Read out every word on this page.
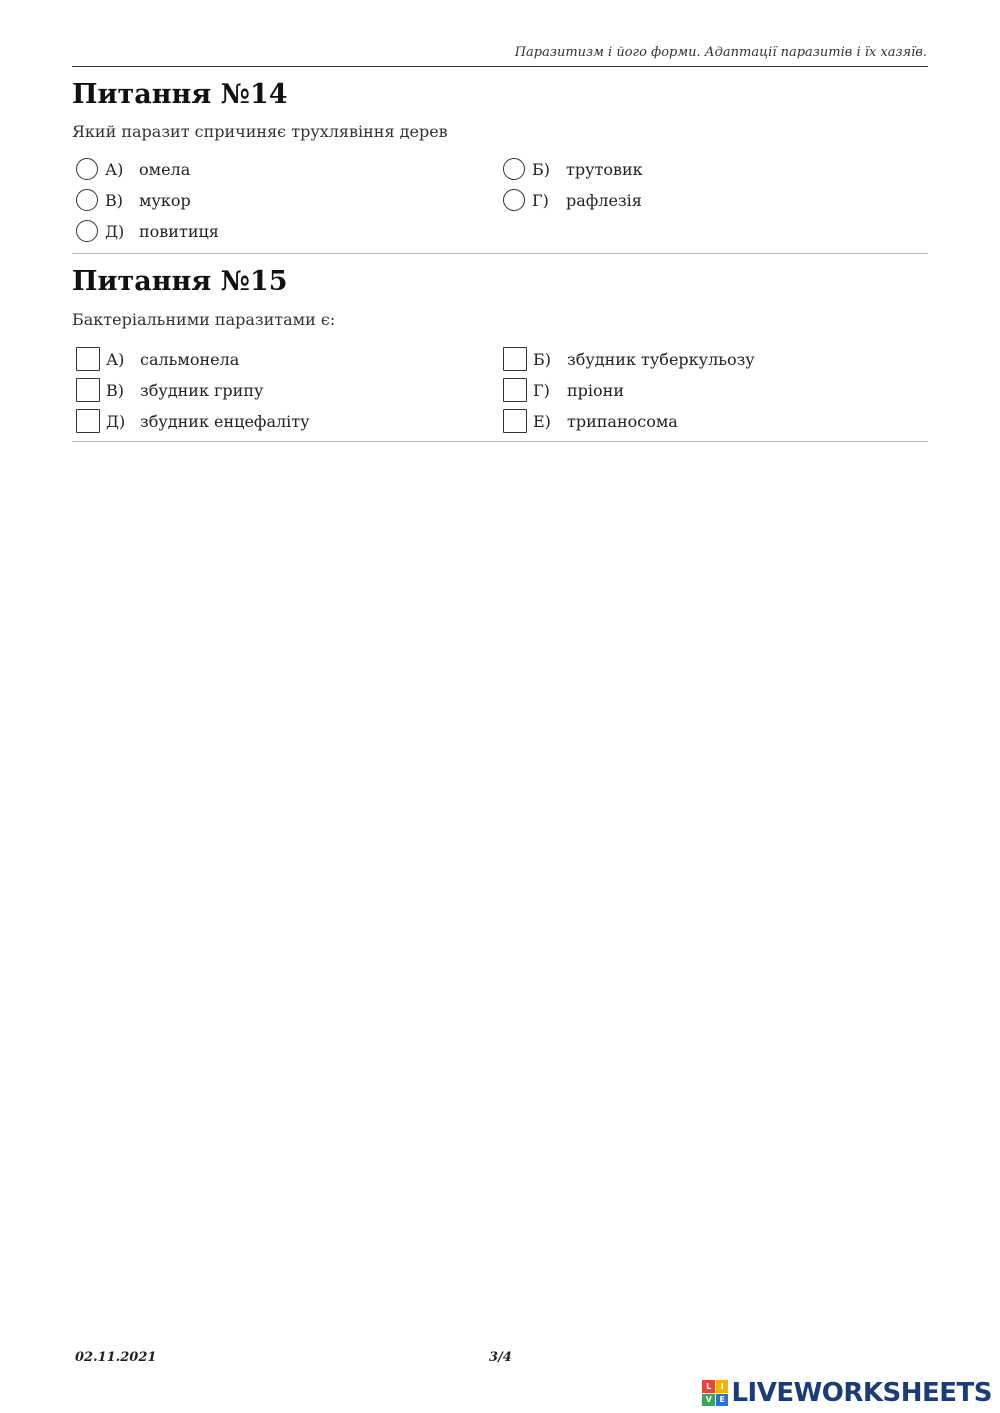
Паразитизм і його форми. Адаптації паразитів і їх хазяїв.
Питання №14
Який паразит спричиняє трухлявіння дерев
А) омела	Б)	трутовик
В)	мукор	Г)	рафлезія
Д) повитиця
Питання №15
Бактеріальними паразитами є:
А) сальмонела	Б)	збудник туберкульозу
В)	збудник грипу	Г)	пріони
Д) збудник енцефаліту	Е)	трипаносома
02.11.2021	3/4
L	I
V E LIVEWORKSHEETS
